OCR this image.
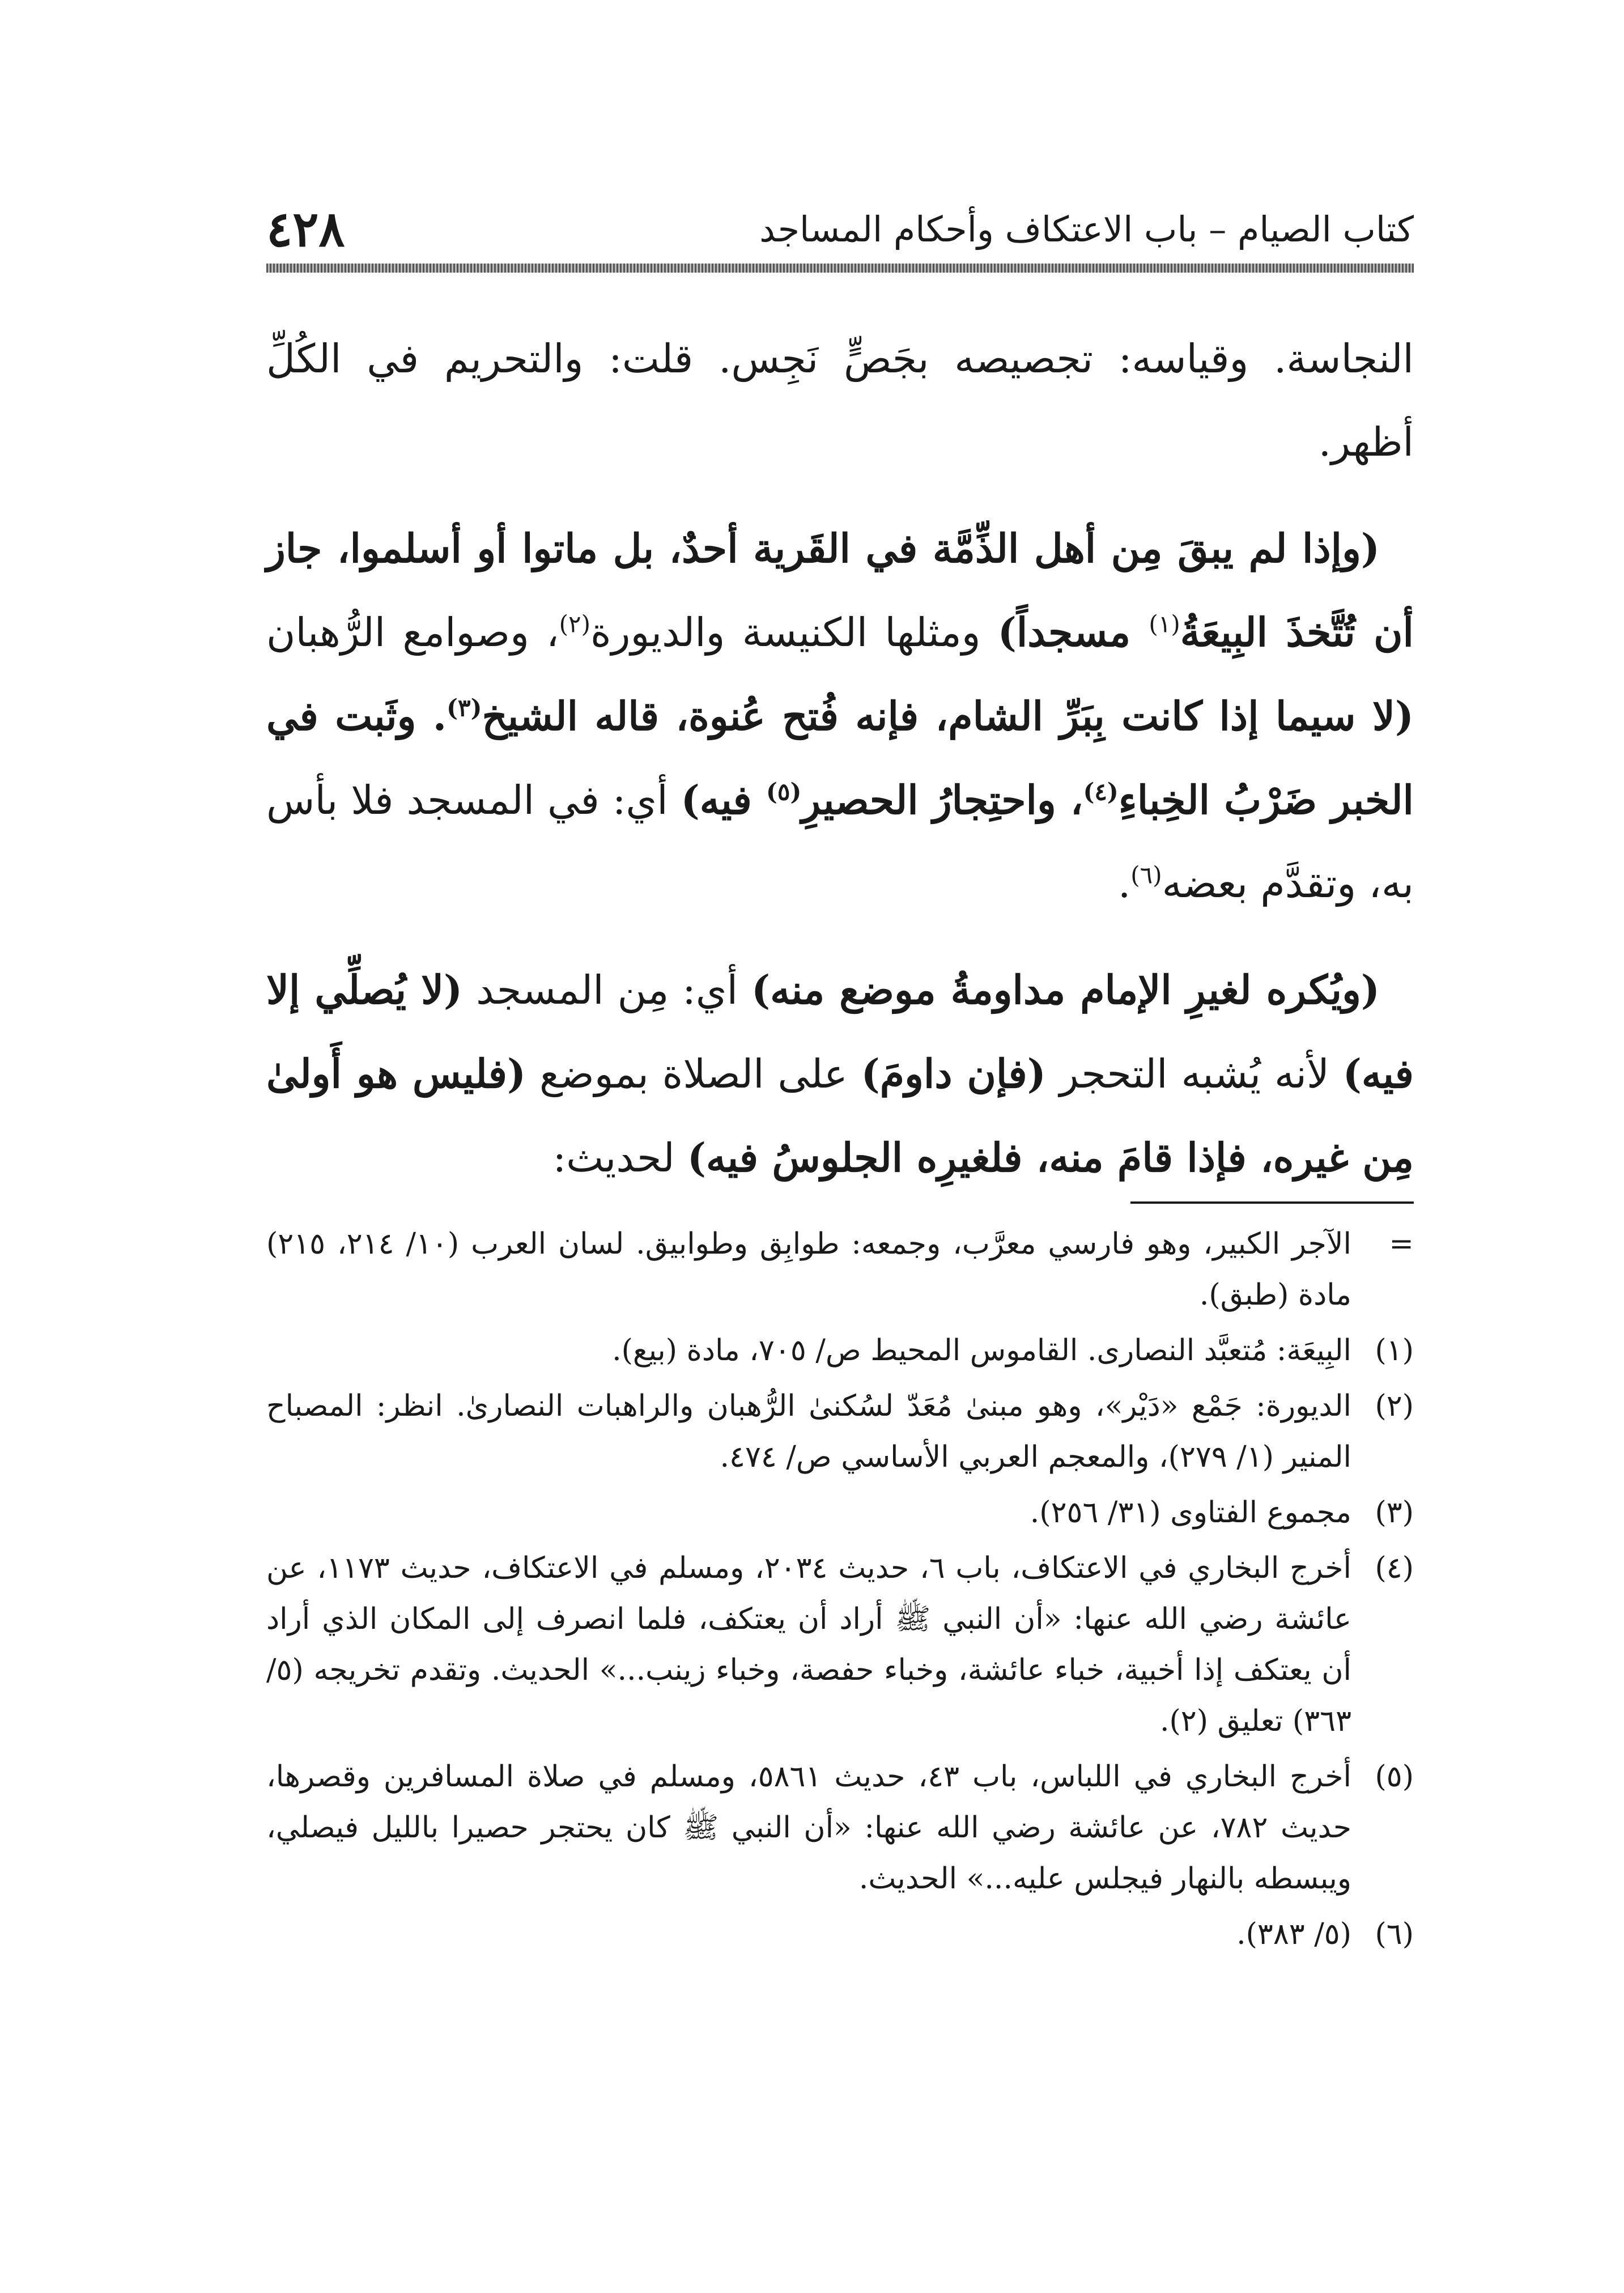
٤٢٨	كتاب الصيام – باب الاعتكاف وأحكام المساجد

النجاسة. وقياسه: تجصيصه بجَصٍّ نَجِس. قلت: والتحريم في الكُلِّ أظهر.

(وإذا لم يبقَ مِن أهل الذِّمَّة في القَرية أحدٌ، بل ماتوا أو أسلموا، جاز أن تُتَّخذَ البِيعَةُ$^{(١)}$ مسجداً) ومثلها الكنيسة والديورة$^{(٢)}$، وصوامع الرُّهبان (لا سيما إذا كانت بِبَرِّ الشام، فإنه فُتح عُنوة، قاله الشيخ$^{(٣)}$. وثَبت في الخبر ضَرْبُ الخِباءِ$^{(٤)}$، واحتِجارُ الحصيرِ$^{(٥)}$ فيه) أي: في المسجد فلا بأس به، وتقدَّم بعضه$^{(٦)}$.

(ويُكره لغيرِ الإمام مداومةُ موضع منه) أي: مِن المسجد (لا يُصلِّي إلا فيه) لأنه يُشبه التحجر (فإن داومَ) على الصلاة بموضع (فليس هو أَولىٰ مِن غيره، فإذا قامَ منه، فلغيرِه الجلوسُ فيه) لحديث:

=
الآجر الكبير، وهو فارسي معرَّب، وجمعه: طوابِق وطوابيق. لسان العرب (١٠/ ٢١٤، ٢١٥) مادة (طبق).
(١)
البِيعَة: مُتعبَّد النصارى. القاموس المحيط ص/ ٧٠٥، مادة (بيع).
(٢)
الديورة: جَمْع «دَيْر»، وهو مبنىٰ مُعَدّ لسُكنىٰ الرُّهبان والراهبات النصارىٰ. انظر: المصباح المنير (١/ ٢٧٩)، والمعجم العربي الأساسي ص/ ٤٧٤.
(٣)
مجموع الفتاوى (٣١/ ٢٥٦).
(٤)
أخرج البخاري في الاعتكاف، باب ٦، حديث ٢٠٣٤، ومسلم في الاعتكاف، حديث ١١٧٣، عن عائشة رضي الله عنها: «أن النبي ﷺ أراد أن يعتكف، فلما انصرف إلى المكان الذي أراد أن يعتكف إذا أخبية، خباء عائشة، وخباء حفصة، وخباء زينب...» الحديث. وتقدم تخريجه (٥/ ٣٦٣) تعليق (٢).
(٥)
أخرج البخاري في اللباس، باب ٤٣، حديث ٥٨٦١، ومسلم في صلاة المسافرين وقصرها، حديث ٧٨٢، عن عائشة رضي الله عنها: «أن النبي ﷺ كان يحتجر حصيرا بالليل فيصلي، ويبسطه بالنهار فيجلس عليه...» الحديث.
(٦)
(٥/ ٣٨٣).
